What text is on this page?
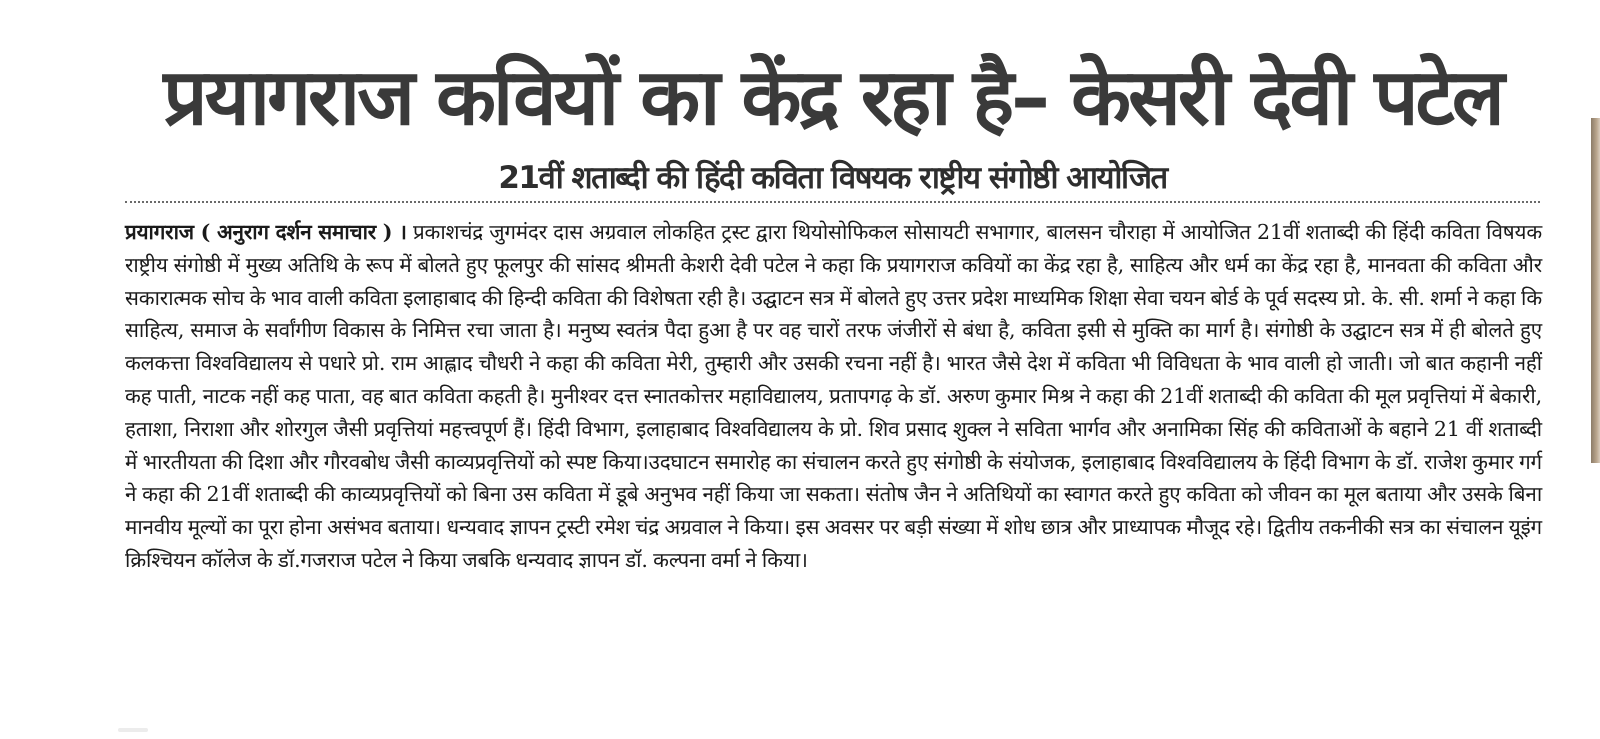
प्रयागराज कवियों का केंद्र रहा है– केसरी देवी पटेल
21वीं शताब्दी की हिंदी कविता विषयक राष्ट्रीय संगोष्ठी आयोजित
प्रयागराज ( अनुराग दर्शन समाचार ) । प्रकाशचंद्र जुगमंदर दास अग्रवाल लोकहित ट्रस्ट द्वारा थियोसोफिकल सोसायटी सभागार, बालसन चौराहा में आयोजित 21वीं शताब्दी की हिंदी कविता विषयक राष्ट्रीय संगोष्ठी में मुख्य अतिथि के रूप में बोलते हुए फूलपुर की सांसद श्रीमती केशरी देवी पटेल ने कहा कि प्रयागराज कवियों का केंद्र रहा है, साहित्य और धर्म का केंद्र रहा है, मानवता की कविता और सकारात्मक सोच के भाव वाली कविता इलाहाबाद की हिन्दी कविता की विशेषता रही है। उद्घाटन सत्र में बोलते हुए उत्तर प्रदेश माध्यमिक शिक्षा सेवा चयन बोर्ड के पूर्व सदस्य प्रो. के. सी. शर्मा ने कहा कि साहित्य, समाज के सर्वांगीण विकास के निमित्त रचा जाता है। मनुष्य स्वतंत्र पैदा हुआ है पर वह चारों तरफ जंजीरों से बंधा है, कविता इसी से मुक्ति का मार्ग है। संगोष्ठी के उद्घाटन सत्र में ही बोलते हुए कलकत्ता विश्वविद्यालय से पधारे प्रो. राम आह्लाद चौधरी ने कहा की कविता मेरी, तुम्हारी और उसकी रचना नहीं है। भारत जैसे देश में कविता भी विविधता के भाव वाली हो जाती। जो बात कहानी नहीं कह पाती, नाटक नहीं कह पाता, वह बात कविता कहती है। मुनीश्वर दत्त स्नातकोत्तर महाविद्यालय, प्रतापगढ़ के डॉ. अरुण कुमार मिश्र ने कहा की 21वीं शताब्दी की कविता की मूल प्रवृत्तियां में बेकारी, हताशा, निराशा और शोरगुल जैसी प्रवृत्तियां महत्त्वपूर्ण हैं। हिंदी विभाग, इलाहाबाद विश्वविद्यालय के प्रो. शिव प्रसाद शुक्ल ने सविता भार्गव और अनामिका सिंह की कविताओं के बहाने 21 वीं शताब्दी में भारतीयता की दिशा और गौरवबोध जैसी काव्यप्रवृत्तियों को स्पष्ट किया।उदघाटन समारोह का संचालन करते हुए संगोष्ठी के संयोजक, इलाहाबाद विश्वविद्यालय के हिंदी विभाग के डॉ. राजेश कुमार गर्ग ने कहा की 21वीं शताब्दी की काव्यप्रवृत्तियों को बिना उस कविता में डूबे अनुभव नहीं किया जा सकता। संतोष जैन ने अतिथियों का स्वागत करते हुए कविता को जीवन का मूल बताया और उसके बिना मानवीय मूल्यों का पूरा होना असंभव बताया। धन्यवाद ज्ञापन ट्रस्टी रमेश चंद्र अग्रवाल ने किया। इस अवसर पर बड़ी संख्या में शोध छात्र और प्राध्यापक मौजूद रहे। द्वितीय तकनीकी सत्र का संचालन यूइंग क्रिश्चियन कॉलेज के डॉ.गजराज पटेल ने किया जबकि धन्यवाद ज्ञापन डॉ. कल्पना वर्मा ने किया।
